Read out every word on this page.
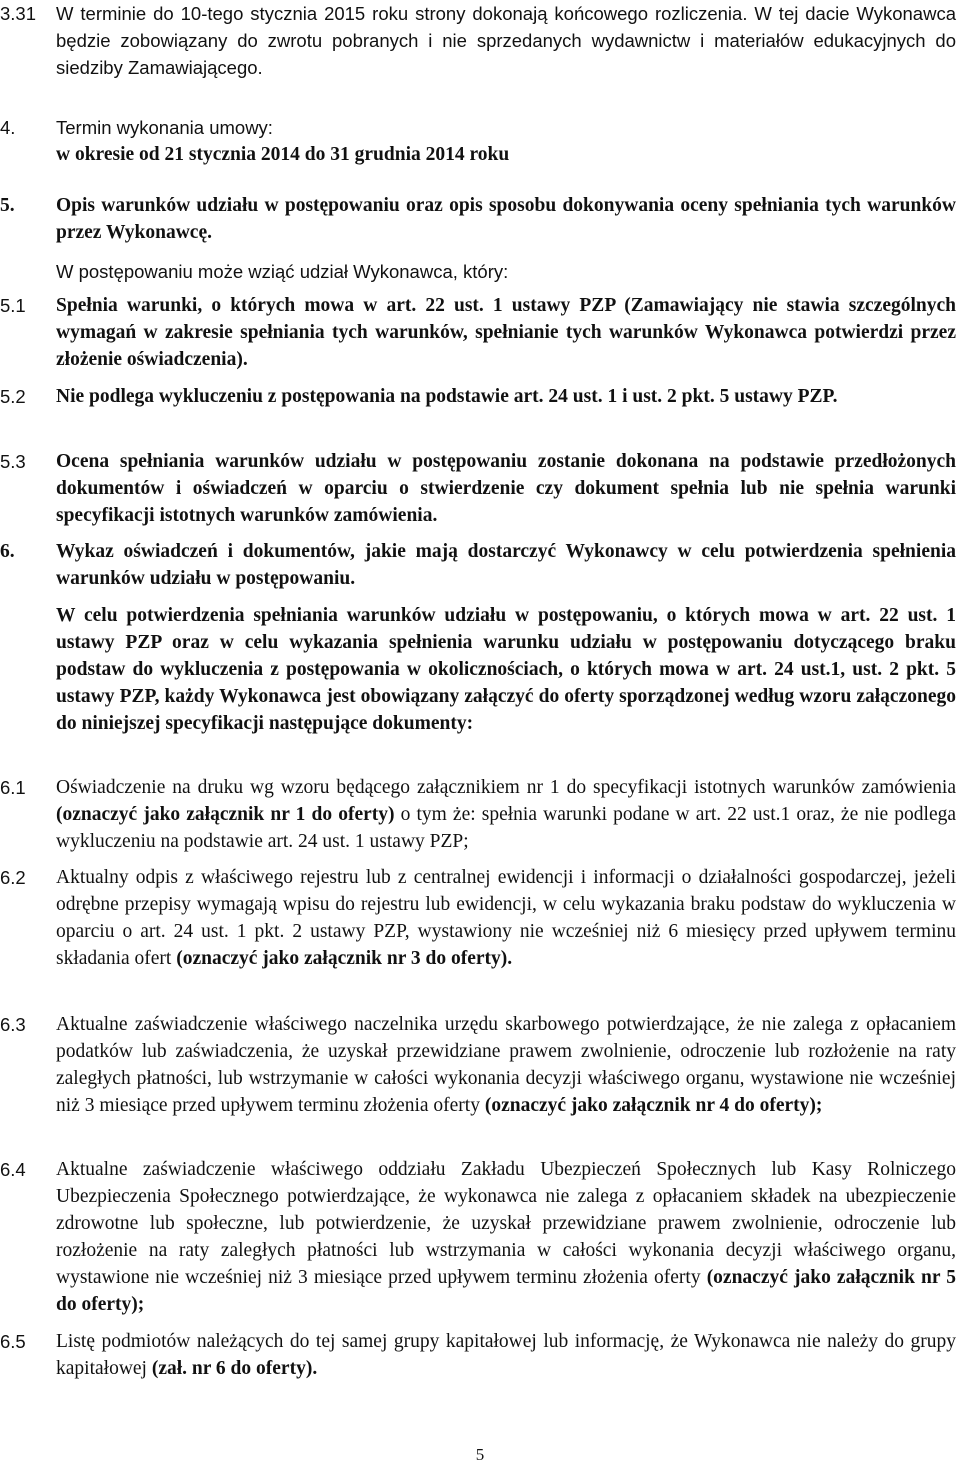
3.31 W terminie do 10-tego stycznia 2015 roku strony dokonają końcowego rozliczenia. W tej dacie Wykonawca będzie zobowiązany do zwrotu pobranych i nie sprzedanych wydawnictw i materiałów edukacyjnych do siedziby Zamawiającego.
4. Termin wykonania umowy:
w okresie od 21 stycznia 2014 do 31 grudnia 2014 roku
5. Opis warunków udziału w postępowaniu oraz opis sposobu dokonywania oceny spełniania tych warunków przez Wykonawcę.
W postępowaniu może wziąć udział Wykonawca, który:
5.1 Spełnia warunki, o których mowa w art. 22 ust. 1 ustawy PZP (Zamawiający nie stawia szczególnych wymagań w zakresie spełniania tych warunków, spełnianie tych warunków Wykonawca potwierdzi przez złożenie oświadczenia).
5.2 Nie podlega wykluczeniu z postępowania na podstawie art. 24 ust. 1 i ust. 2 pkt. 5 ustawy PZP.
5.3 Ocena spełniania warunków udziału w postępowaniu zostanie dokonana na podstawie przedłożonych dokumentów i oświadczeń w oparciu o stwierdzenie czy dokument spełnia lub nie spełnia warunki specyfikacji istotnych warunków zamówienia.
6. Wykaz oświadczeń i dokumentów, jakie mają dostarczyć Wykonawcy w celu potwierdzenia spełnienia warunków udziału w postępowaniu.
W celu potwierdzenia spełniania warunków udziału w postępowaniu, o których mowa w art. 22 ust. 1 ustawy PZP oraz w celu wykazania spełnienia warunku udziału w postępowaniu dotyczącego braku podstaw do wykluczenia z postępowania w okolicznościach, o których mowa w art. 24 ust.1, ust. 2 pkt. 5 ustawy PZP, każdy Wykonawca jest obowiązany załączyć do oferty sporządzonej według wzoru załączonego do niniejszej specyfikacji następujące dokumenty:
6.1 Oświadczenie na druku wg wzoru będącego załącznikiem nr 1 do specyfikacji istotnych warunków zamówienia (oznaczyć jako załącznik nr 1 do oferty) o tym że: spełnia warunki podane w art. 22 ust.1 oraz, że nie podlega wykluczeniu na podstawie art. 24 ust. 1 ustawy PZP;
6.2 Aktualny odpis z właściwego rejestru lub z centralnej ewidencji i informacji o działalności gospodarczej, jeżeli odrębne przepisy wymagają wpisu do rejestru lub ewidencji, w celu wykazania braku podstaw do wykluczenia w oparciu o art. 24 ust. 1 pkt. 2 ustawy PZP, wystawiony nie wcześniej niż 6 miesięcy przed upływem terminu składania ofert (oznaczyć jako załącznik nr 3 do oferty).
6.3 Aktualne zaświadczenie właściwego naczelnika urzędu skarbowego potwierdzające, że nie zalega z opłacaniem podatków lub zaświadczenia, że uzyskał przewidziane prawem zwolnienie, odroczenie lub rozłożenie na raty zaległych płatności, lub wstrzymanie w całości wykonania decyzji właściwego organu, wystawione nie wcześniej niż 3 miesiące przed upływem terminu złożenia oferty (oznaczyć jako załącznik nr 4 do oferty);
6.4 Aktualne zaświadczenie właściwego oddziału Zakładu Ubezpieczeń Społecznych lub Kasy Rolniczego Ubezpieczenia Społecznego potwierdzające, że wykonawca nie zalega z opłacaniem składek na ubezpieczenie zdrowotne lub społeczne, lub potwierdzenie, że uzyskał przewidziane prawem zwolnienie, odroczenie lub rozłożenie na raty zaległych płatności lub wstrzymania w całości wykonania decyzji właściwego organu, wystawione nie wcześniej niż 3 miesiące przed upływem terminu złożenia oferty (oznaczyć jako załącznik nr 5 do oferty);
6.5 Listę podmiotów należących do tej samej grupy kapitałowej lub informację, że Wykonawca nie należy do grupy kapitałowej (zał. nr 6 do oferty).
5
